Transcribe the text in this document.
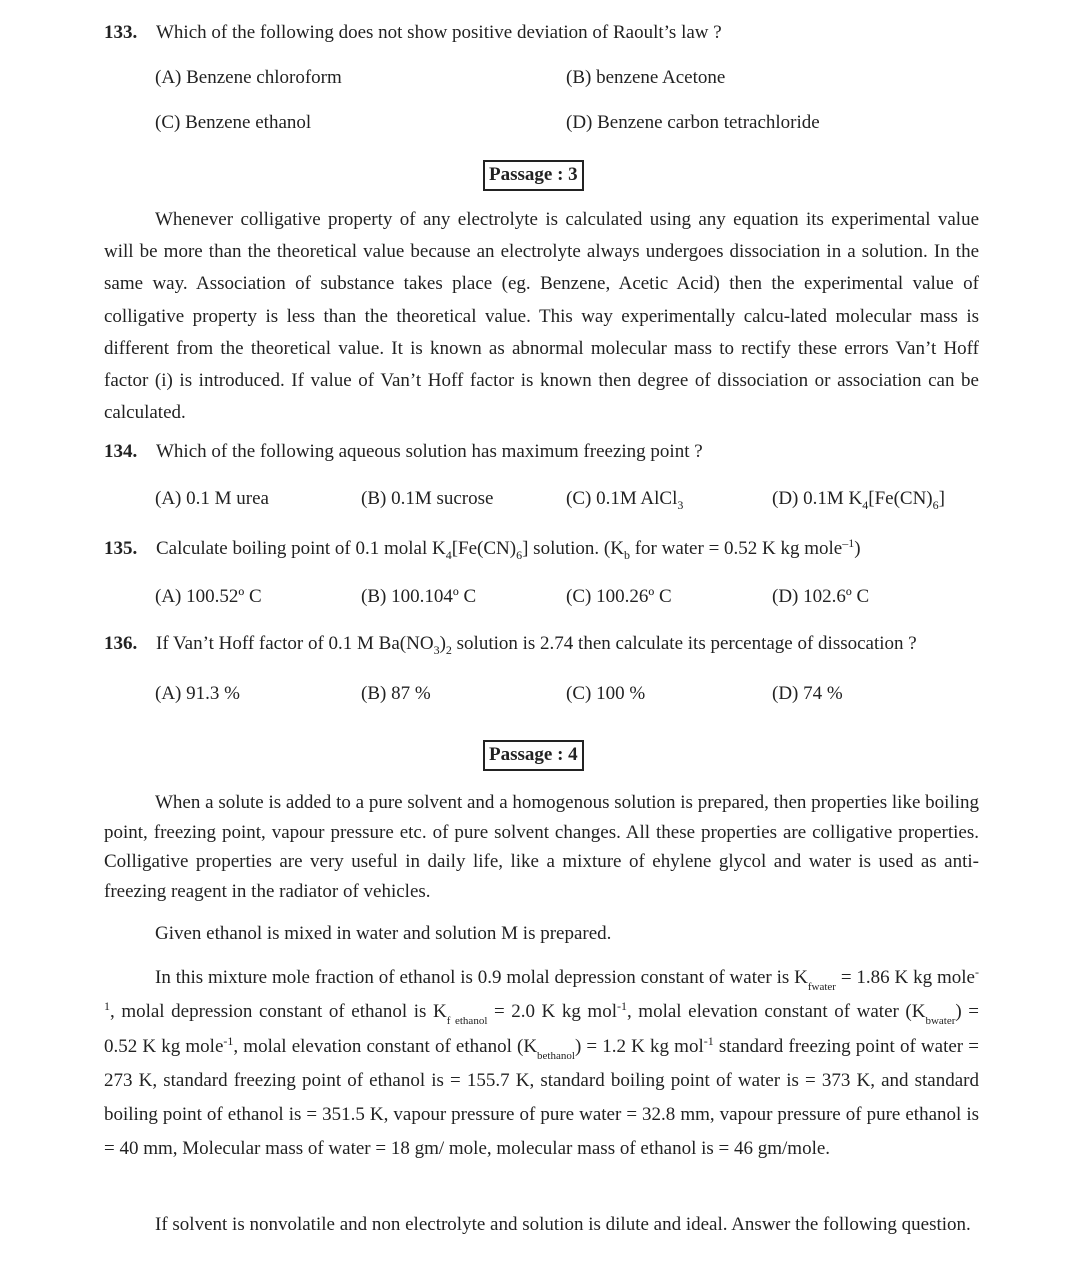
133. Which of the following does not show positive deviation of Raoult’s law ?
(A) Benzene chloroform	(B) benzene Acetone
(C) Benzene ethanol	(D) Benzene carbon tetrachloride
Passage : 3
Whenever colligative property of any electrolyte is calculated using any equation its experimental value will be more than the theoretical value because an electrolyte always undergoes dissociation in a solution. In the same way. Association of substance takes place (eg. Benzene, Acetic Acid) then the experimental value of colligative property is less than the theoretical value. This way experimentally calcu-lated molecular mass is different from the theoretical value. It is known as abnormal molecular mass to rectify these errors Van’t Hoff factor (i) is introduced. If value of Van’t Hoff factor is known then degree of dissociation or association can be calculated.
134. Which of the following aqueous solution has maximum freezing point ?
(A) 0.1 M urea	(B) 0.1M sucrose	(C) 0.1M AlCl$_3$	(D) 0.1M $K_4[Fe(CN)_6]$
135. Calculate boiling point of 0.1 molal $K_4[Fe(CN)_6]$ solution. ($K_b$ for water = 0.52 K kg mole$^{-1}$)
(A) 100.52º C	(B) 100.104º C	(C) 100.26º C	(D) 102.6º C
136. If Van’t Hoff factor of 0.1 M $Ba(NO_3)_2$ solution is 2.74 then calculate its percentage of dissocation ?
(A) 91.3 %	(B) 87 %	(C) 100 %	(D) 74 %
Passage : 4
When a solute is added to a pure solvent and a homogenous solution is prepared, then properties like boiling point, freezing point, vapour pressure etc. of pure solvent changes. All these properties are colligative properties. Colligative properties are very useful in daily life, like a mixture of ehylene glycol and water is used as anti-freezing reagent in the radiator of vehicles.
Given ethanol is mixed in water and solution M is prepared.
In this mixture mole fraction of ethanol is 0.9 molal depression constant of water is $K_{fwater} = 1.86$ K kg mole$^{-1}$, molal depression constant of ethanol is $K_f$ $_{ethanol}$ = 2.0 K kg mol$^{-1}$, molal elevation constant of water $(K_{bwater}) = 0.52$ K kg mole$^{-1}$, molal elevation constant of ethanol $(K_{bethanol}) = 1.2$ K kg mol$^{-1}$ standard freezing point of water = 273 K, standard freezing point of ethanol is = 155.7 K, standard boiling point of water is = 373 K, and standard boiling point of ethanol is = 351.5 K, vapour pressure of pure water = 32.8 mm, vapour pressure of pure ethanol is = 40 mm, Molecular mass of water = 18 gm/ mole, molecular mass of ethanol is = 46 gm/mole.
If solvent is nonvolatile and non electrolyte and solution is dilute and ideal. Answer the following question.
